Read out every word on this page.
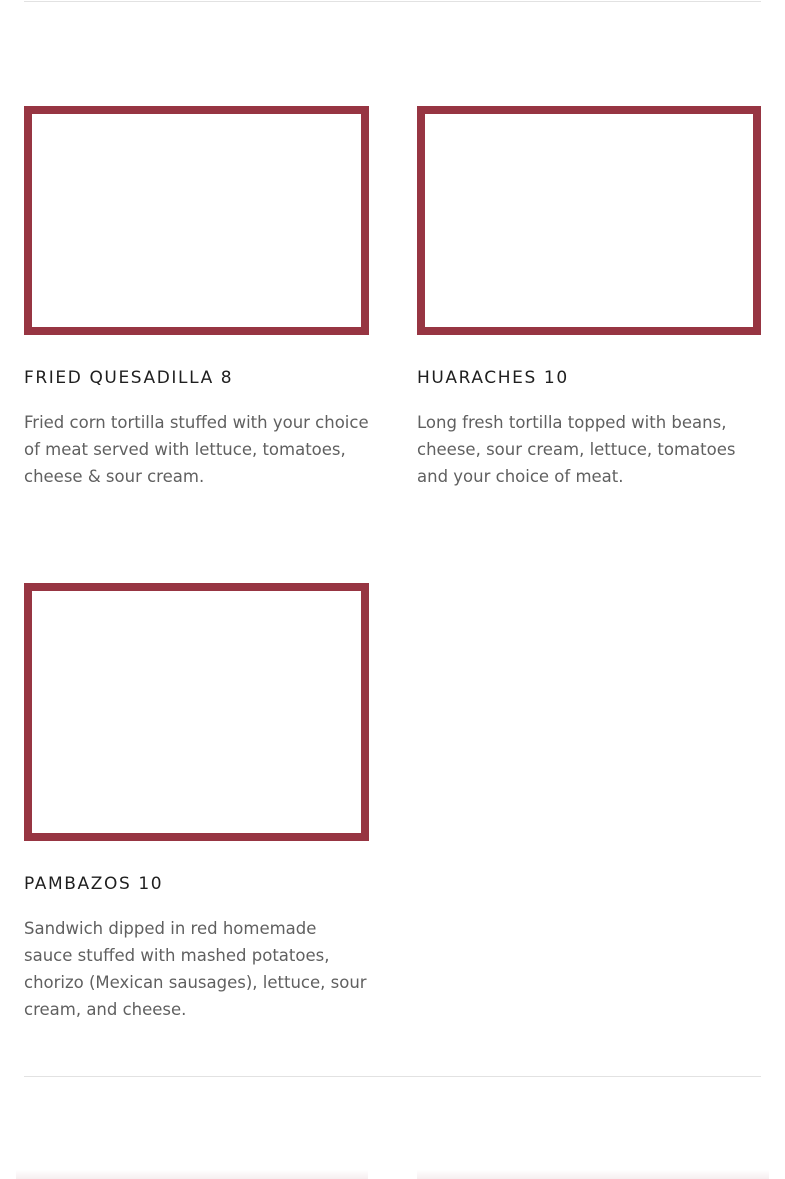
FRIED QUESADILLA 8

Fried corn tortilla stuffed with your choice of meat served with lettuce, tomatoes, cheese & sour cream.

HUARACHES 10

Long fresh tortilla topped with beans, cheese, sour cream, lettuce, tomatoes and your choice of meat.

PAMBAZOS 10

Sandwich dipped in red homemade sauce stuffed with mashed potatoes, chorizo (Mexican sausages), lettuce, sour cream, and cheese.
